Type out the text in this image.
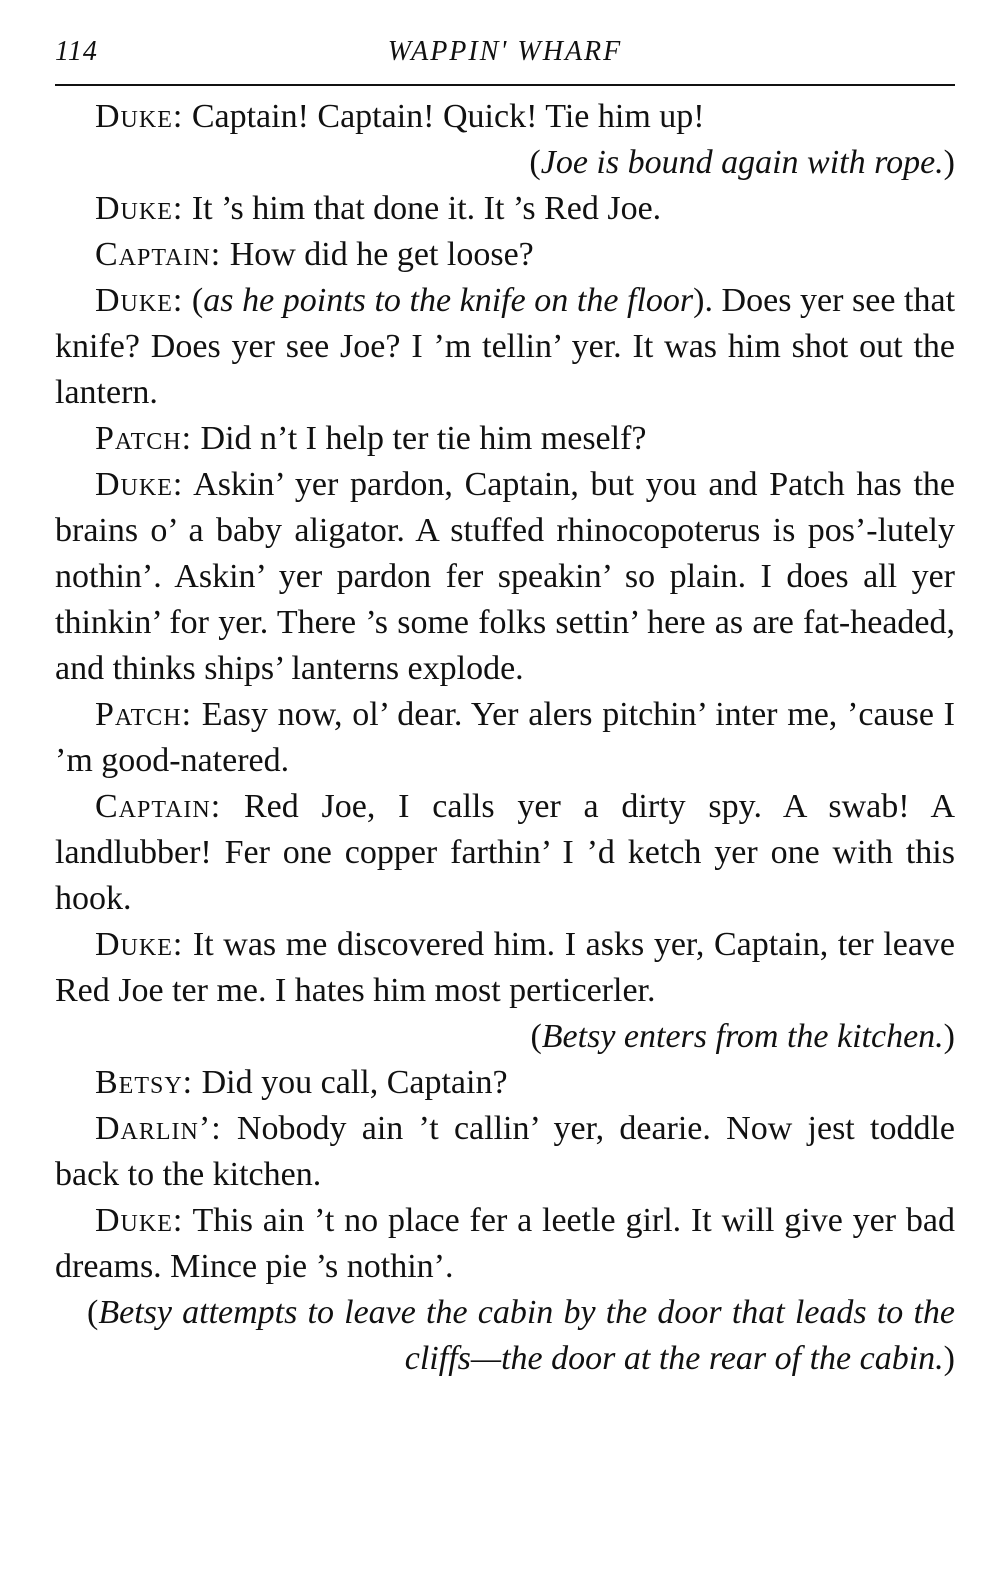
114	WAPPIN' WHARF

Duke: Captain! Captain! Quick! Tie him up!

(Joe is bound again with rope.)

Duke: It ’s him that done it. It ’s Red Joe.

Captain: How did he get loose?

Duke: (as he points to the knife on the floor). Does yer see that knife? Does yer see Joe? I ’m tellin’ yer. It was him shot out the lantern.

Patch: Did n’t I help ter tie him meself?

Duke: Askin’ yer pardon, Captain, but you and Patch has the brains o’ a baby aligator. A stuffed rhinocopoterus is pos’-lutely nothin’. Askin’ yer pardon fer speakin’ so plain. I does all yer thinkin’ for yer. There ’s some folks settin’ here as are fat-headed, and thinks ships’ lanterns explode.

Patch: Easy now, ol’ dear. Yer alers pitchin’ inter me, ’cause I ’m good-natered.

Captain: Red Joe, I calls yer a dirty spy. A swab! A landlubber! Fer one copper farthin’ I ’d ketch yer one with this hook.

Duke: It was me discovered him. I asks yer, Captain, ter leave Red Joe ter me. I hates him most perticerler.

(Betsy enters from the kitchen.)

Betsy: Did you call, Captain?

Darlin’: Nobody ain ’t callin’ yer, dearie. Now jest toddle back to the kitchen.

Duke: This ain ’t no place fer a leetle girl. It will give yer bad dreams. Mince pie ’s nothin’.

(Betsy attempts to leave the cabin by the door that leads to the cliffs—the door at the rear of the cabin.)
